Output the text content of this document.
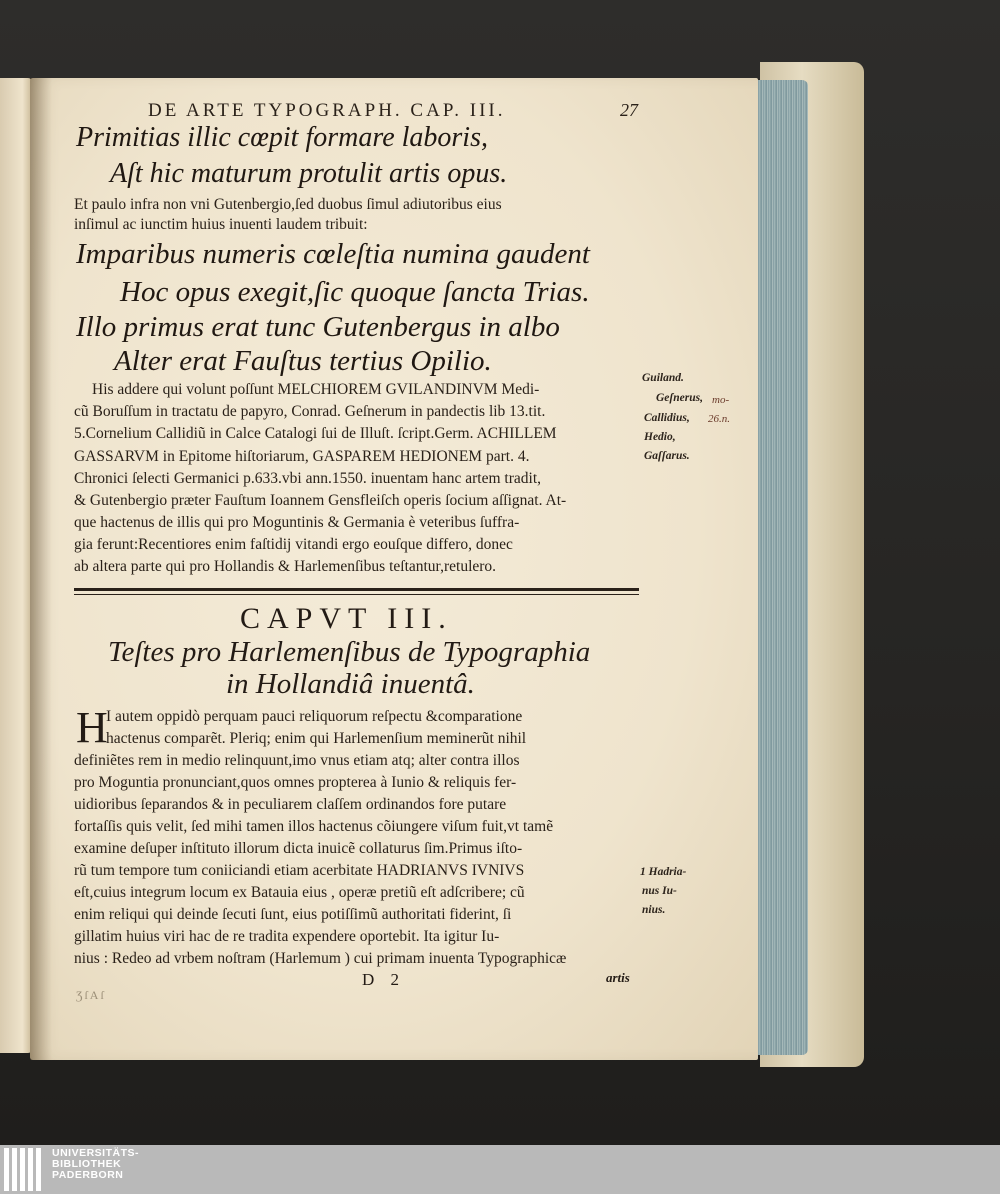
DE ARTE TYPOGRAPH. CAP. III.	27
Primitias illic cœpit formare laboris,
Aſt hic maturum protulit artis opus.
Et paulo infra non vni Gutenbergio,ſed duobus ſimul adiutoribus eius
inſimul ac iunctim huius inuenti laudem tribuit:
Imparibus numeris cœleſtia numina gaudent
Hoc opus exegit,ſic quoque ſancta Trias.
Illo primus erat tunc Gutenbergus in albo
Alter erat Fauſtus tertius Opilio.
His addere qui volunt poſſunt MELCHIOREM GVILANDINVM Medi-
cũ Boruſſum in tractatu de papyro, Conrad. Geſnerum in pandectis lib 13.tit.
5.Cornelium Callidiũ in Calce Catalogi ſui de Illuſt. ſcript.Germ. ACHILLEM
GASSARVM in Epitome hiſtoriarum, GASPAREM HEDIONEM part. 4.
Chronici ſelecti Germanici p.633.vbi ann.1550. inuentam hanc artem tradit,
& Gutenbergio præter Fauſtum Ioannem Gensfleiſch operis ſocium aſſignat. At-
que hactenus de illis qui pro Moguntinis & Germania è veteribus ſuffra-
gia ferunt:Recentiores enim faſtidij vitandi ergo eouſque differo, donec
ab altera parte qui pro Hollandis & Harlemenſibus teſtantur,retulero.
Guiland.
Geſnerus,
Callidius,
Hedio,
Gaſſarus.
mo-
26.n.
CAPVT III.
Teſtes pro Harlemenſibus de Typographia
in Hollandiâ inuentâ.
H
I autem oppidò perquam pauci reliquorum reſpectu &comparatione
hactenus comparẽt. Pleriq; enim qui Harlemenſium meminerũt nihil
definiẽtes rem in medio relinquunt,imo vnus etiam atq; alter contra illos
pro Moguntia pronunciant,quos omnes propterea à Iunio & reliquis fer-
uidioribus ſeparandos & in peculiarem claſſem ordinandos fore putare
fortaſſis quis velit, ſed mihi tamen illos hactenus cõiungere viſum fuit,vt tamẽ
examine deſuper inſtituto illorum dicta inuicẽ collaturus ſim.Primus iſto-
rũ tum tempore tum coniiciandi etiam acerbitate HADRIANVS IVNIVS
eſt,cuius integrum locum ex Batauia eius , operæ pretiũ eſt adſcribere; cũ
enim reliqui qui deinde ſecuti ſunt, eius potiſſimũ authoritati fiderint, ſi
gillatim huius viri hac de re tradita expendere oportebit. Ita igitur Iu-
nius : Redeo ad vrbem noſtram (Harlemum ) cui primam inuenta Typographicæ
1 Hadria-
nus Iu-
nius.
D 2	artis
ƷſAſ
UNIVERSITÄTS-
BIBLIOTHEK
PADERBORN
